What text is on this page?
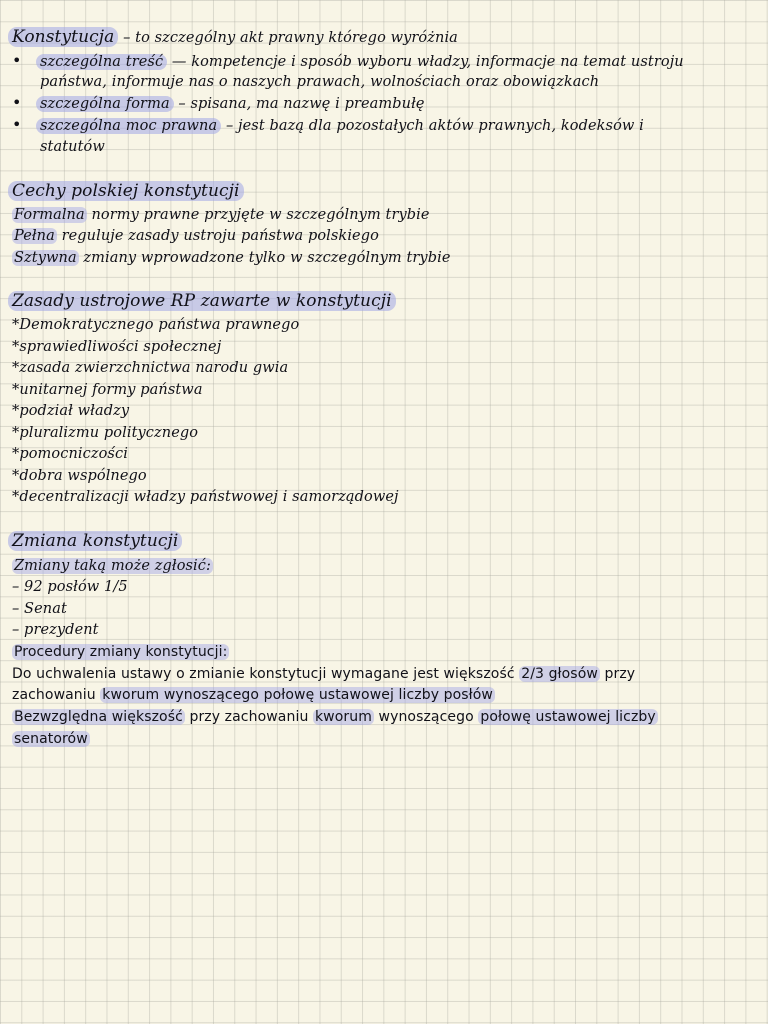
Konstytucja – to szczególny akt prawny którego wyróżnia
• szczególna treść — kompetencje i sposób wyboru władzy, informacje na temat ustroju
państwa, informuje nas o naszych prawach, wolnościach oraz obowiązkach
• szczególna forma – spisana, ma nazwę i preambułę
• szczególna moc prawna – jest bazą dla pozostałych aktów prawnych, kodeksów i
statutów
Cechy polskiej konstytucji
Formalna normy prawne przyjęte w szczególnym trybie
Pełna reguluje zasady ustroju państwa polskiego
Sztywna zmiany wprowadzone tylko w szczególnym trybie
Zasady ustrojowe RP zawarte w konstytucji
*Demokratycznego państwa prawnego
*sprawiedliwości społecznej
*zasada zwierzchnictwa narodu gwia
*unitarnej formy państwa
*podział władzy
*pluralizmu politycznego
*pomocniczości
*dobra wspólnego
*decentralizacji władzy państwowej i samorządowej
Zmiana konstytucji
Zmiany taką może zgłosić:
– 92 posłów 1/5
– Senat
– prezydent
Procedury zmiany konstytucji:
Do uchwalenia ustawy o zmianie konstytucji wymagane jest większość 2/3 głosów przy
zachowaniu kworum wynoszącego połowę ustawowej liczby posłów
Bezwzględna większość przy zachowaniu kworum wynoszącego połowę ustawowej liczby
senatorów
